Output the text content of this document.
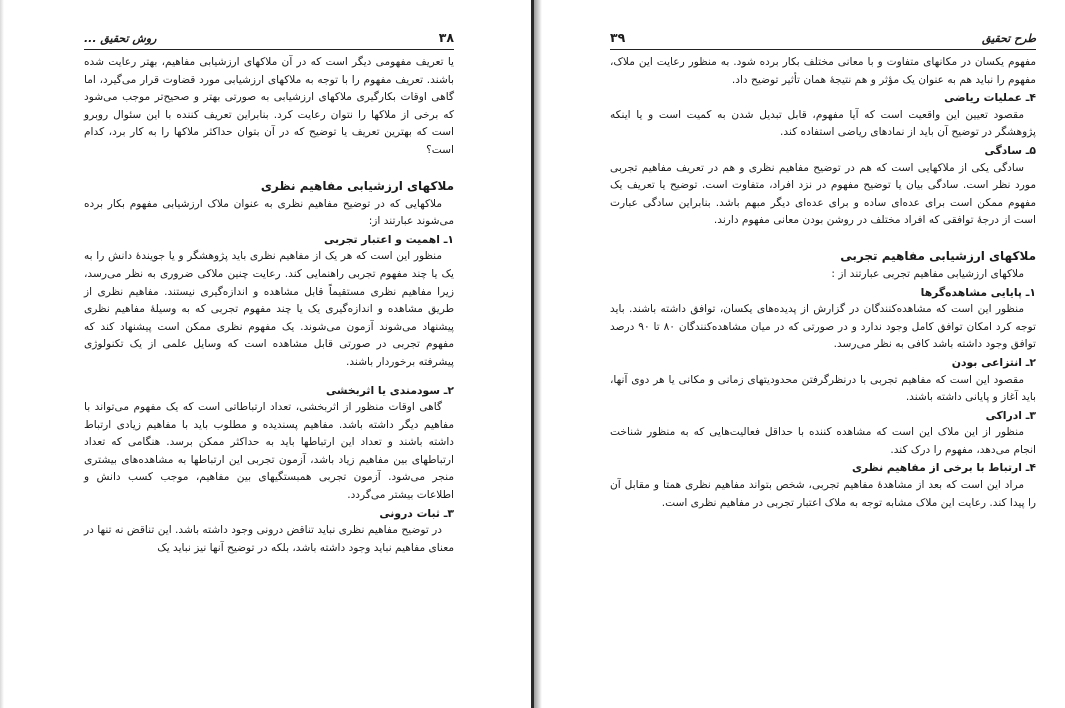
۳۸
روش تحقیق ...

یا تعریف مفهومی دیگر است که در آن ملاکهای ارزشیابی مفاهیم، بهتر رعایت شده باشند. تعریف مفهوم را با توجه به ملاکهای ارزشیابی مورد قضاوت قرار می‌گیرد، اما گاهی اوقات بکارگیری ملاکهای ارزشیابی به صورتی بهتر و صحیح‌تر موجب می‌شود که برخی از ملاکها را نتوان رعایت کرد. بنابراین تعریف کننده با این سئوال روبرو است که بهترین تعریف یا توضیح که در آن بتوان حداکثر ملاکها را به کار برد، کدام است؟

ملاکهای ارزشیابی مفاهیم نظری

ملاکهایی که در توضیح مفاهیم نظری به عنوان ملاک ارزشیابی مفهوم بکار برده می‌شوند عبارتند از:

۱ـ اهمیت و اعتبار تجربی

منظور این است که هر یک از مفاهیم نظری باید پژوهشگر و یا جویندهٔ دانش را به یک یا چند مفهوم تجربی راهنمایی کند. رعایت چنین ملاکی ضروری به نظر می‌رسد، زیرا مفاهیم نظری مستقیماً قابل مشاهده و اندازه‌گیری نیستند. مفاهیم نظری از طریق مشاهده و اندازه‌گیری یک یا چند مفهوم تجربی که به وسیلهٔ مفاهیم نظری پیشنهاد می‌شوند آزمون می‌شوند. یک مفهوم نظری ممکن است پیشنهاد کند که مفهوم تجربی در صورتی قابل مشاهده است که وسایل علمی از یک تکنولوژی پیشرفته برخوردار باشند.

۲ـ سودمندی یا اثربخشی

گاهی اوقات منظور از اثربخشی، تعداد ارتباطاتی است که یک مفهوم می‌تواند با مفاهیم دیگر داشته باشد. مفاهیم پسندیده و مطلوب باید با مفاهیم زیادی ارتباط داشته باشند و تعداد این ارتباطها باید به حداکثر ممکن برسد. هنگامی که تعداد ارتباطهای بین مفاهیم زیاد باشد، آزمون تجربی این ارتباطها به مشاهده‌های بیشتری منجر می‌شود. آزمون تجربی همبستگیهای بین مفاهیم، موجب کسب دانش و اطلاعات بیشتر می‌گردد.

۳ـ ثبات درونی

در توضیح مفاهیم نظری نباید تناقض درونی وجود داشته باشد. این تناقض نه تنها در معنای مفاهیم نباید وجود داشته باشد، بلکه در توضیح آنها نیز نباید یک

طرح تحقیق
۳۹

مفهوم یکسان در مکانهای متفاوت و با معانی مختلف بکار برده شود. به منظور رعایت این ملاک، مفهوم را نباید هم به عنوان یک مؤثر و هم نتیجهٔ همان تأثیر توضیح داد.

۴ـ عملیات ریاضی

مقصود تعیین این واقعیت است که آیا مفهوم، قابل تبدیل شدن به کمیت است و یا اینکه پژوهشگر در توضیح آن باید از نمادهای ریاضی استفاده کند.

۵ـ سادگی

سادگی یکی از ملاکهایی است که هم در توضیح مفاهیم نظری و هم در تعریف مفاهیم تجربی مورد نظر است. سادگی بیان یا توضیح مفهوم در نزد افراد، متفاوت است. توضیح یا تعریف یک مفهوم ممکن است برای عده‌ای ساده و برای عده‌ای دیگر مبهم باشد. بنابراین سادگی عبارت است از درجهٔ توافقی که افراد مختلف در روشن بودن معانی مفهوم دارند.

ملاکهای ارزشیابی مفاهیم تجربی

ملاکهای ارزشیابی مفاهیم تجربی عبارتند از :

۱ـ پایایی مشاهده‌گرها

منظور این است که مشاهده‌کنندگان در گزارش از پدیده‌های یکسان، توافق داشته باشند. باید توجه کرد امکان توافق کامل وجود ندارد و در صورتی که در میان مشاهده‌کنندگان ۸۰ تا ۹۰ درصد توافق وجود داشته باشد کافی به نظر می‌رسد.

۲ـ انتزاعی بودن

مقصود این است که مفاهیم تجربی با درنظرگرفتن محدودیتهای زمانی و مکانی یا هر دوی آنها، باید آغاز و پایانی داشته باشند.

۳ـ ادراکی

منظور از این ملاک این است که مشاهده کننده با حداقل فعالیت‌هایی که به منظور شناخت انجام می‌دهد، مفهوم را درک کند.

۴ـ ارتباط با برخی از مفاهیم نظری

مراد این است که بعد از مشاهدهٔ مفاهیم تجربی، شخص بتواند مفاهیم نظری همتا و مقابل آن را پیدا کند. رعایت این ملاک مشابه توجه به ملاک اعتبار تجربی در مفاهیم نظری است.
